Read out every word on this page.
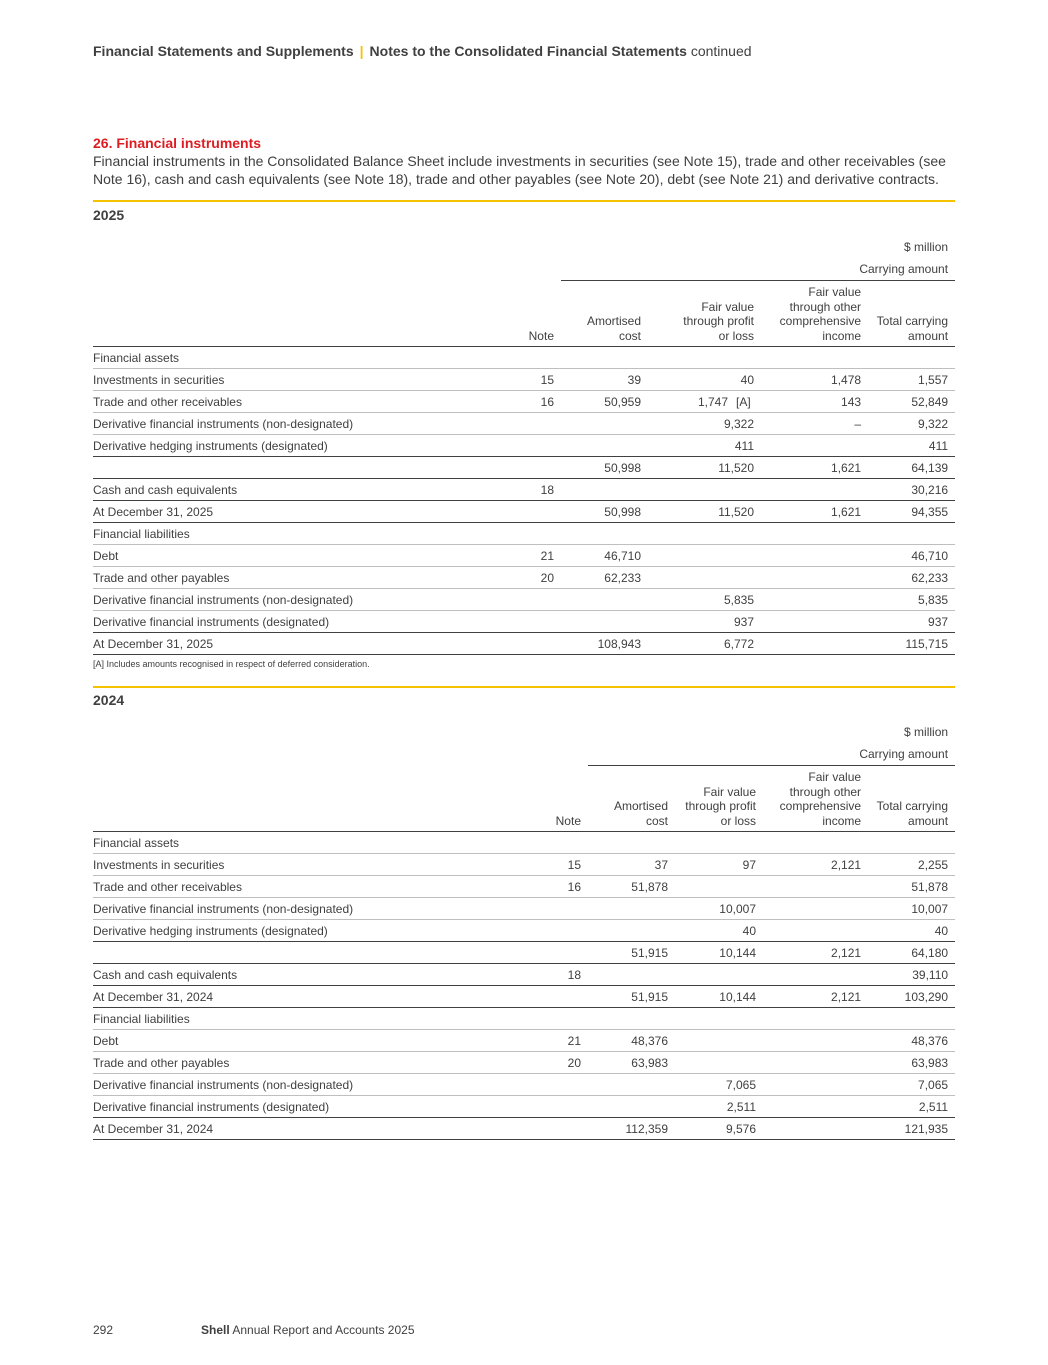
Financial Statements and Supplements | Notes to the Consolidated Financial Statements continued
26. Financial instruments
Financial instruments in the Consolidated Balance Sheet include investments in securities (see Note 15), trade and other receivables (see Note 16), cash and cash equivalents (see Note 18), trade and other payables (see Note 20), debt (see Note 21) and derivative contracts.
2025
					$ million
		Carrying amount			
	Note	Amortised
cost	Fair value
through profit
or loss	Fair value
through other
comprehensive
income	Total carrying
amount
Financial assets					
Investments in securities	15	39	40	1,478	1,557
Trade and other receivables	16	50,959	1,747 [A]	143	52,849
Derivative financial instruments (non-designated)			9,322	–	9,322
Derivative hedging instruments (designated)			411		411
		50,998	11,520	1,621	64,139
Cash and cash equivalents	18				30,216
At December 31, 2025		50,998	11,520	1,621	94,355
Financial liabilities					
Debt	21	46,710			46,710
Trade and other payables	20	62,233			62,233
Derivative financial instruments (non-designated)			5,835		5,835
Derivative financial instruments (designated)			937		937
At December 31, 2025		108,943	6,772		115,715
[A] Includes amounts recognised in respect of deferred consideration.
2024
					$ million
		Carrying amount			
	Note	Amortised
cost	Fair value
through profit
or loss	Fair value
through other
comprehensive
income	Total carrying
amount
Financial assets					
Investments in securities	15	37	97	2,121	2,255
Trade and other receivables	16	51,878			51,878
Derivative financial instruments (non-designated)			10,007		10,007
Derivative hedging instruments (designated)			40		40
		51,915	10,144	2,121	64,180
Cash and cash equivalents	18				39,110
At December 31, 2024		51,915	10,144	2,121	103,290
Financial liabilities					
Debt	21	48,376			48,376
Trade and other payables	20	63,983			63,983
Derivative financial instruments (non-designated)			7,065		7,065
Derivative financial instruments (designated)			2,511		2,511
At December 31, 2024		112,359	9,576		121,935
292	Shell Annual Report and Accounts 2025
